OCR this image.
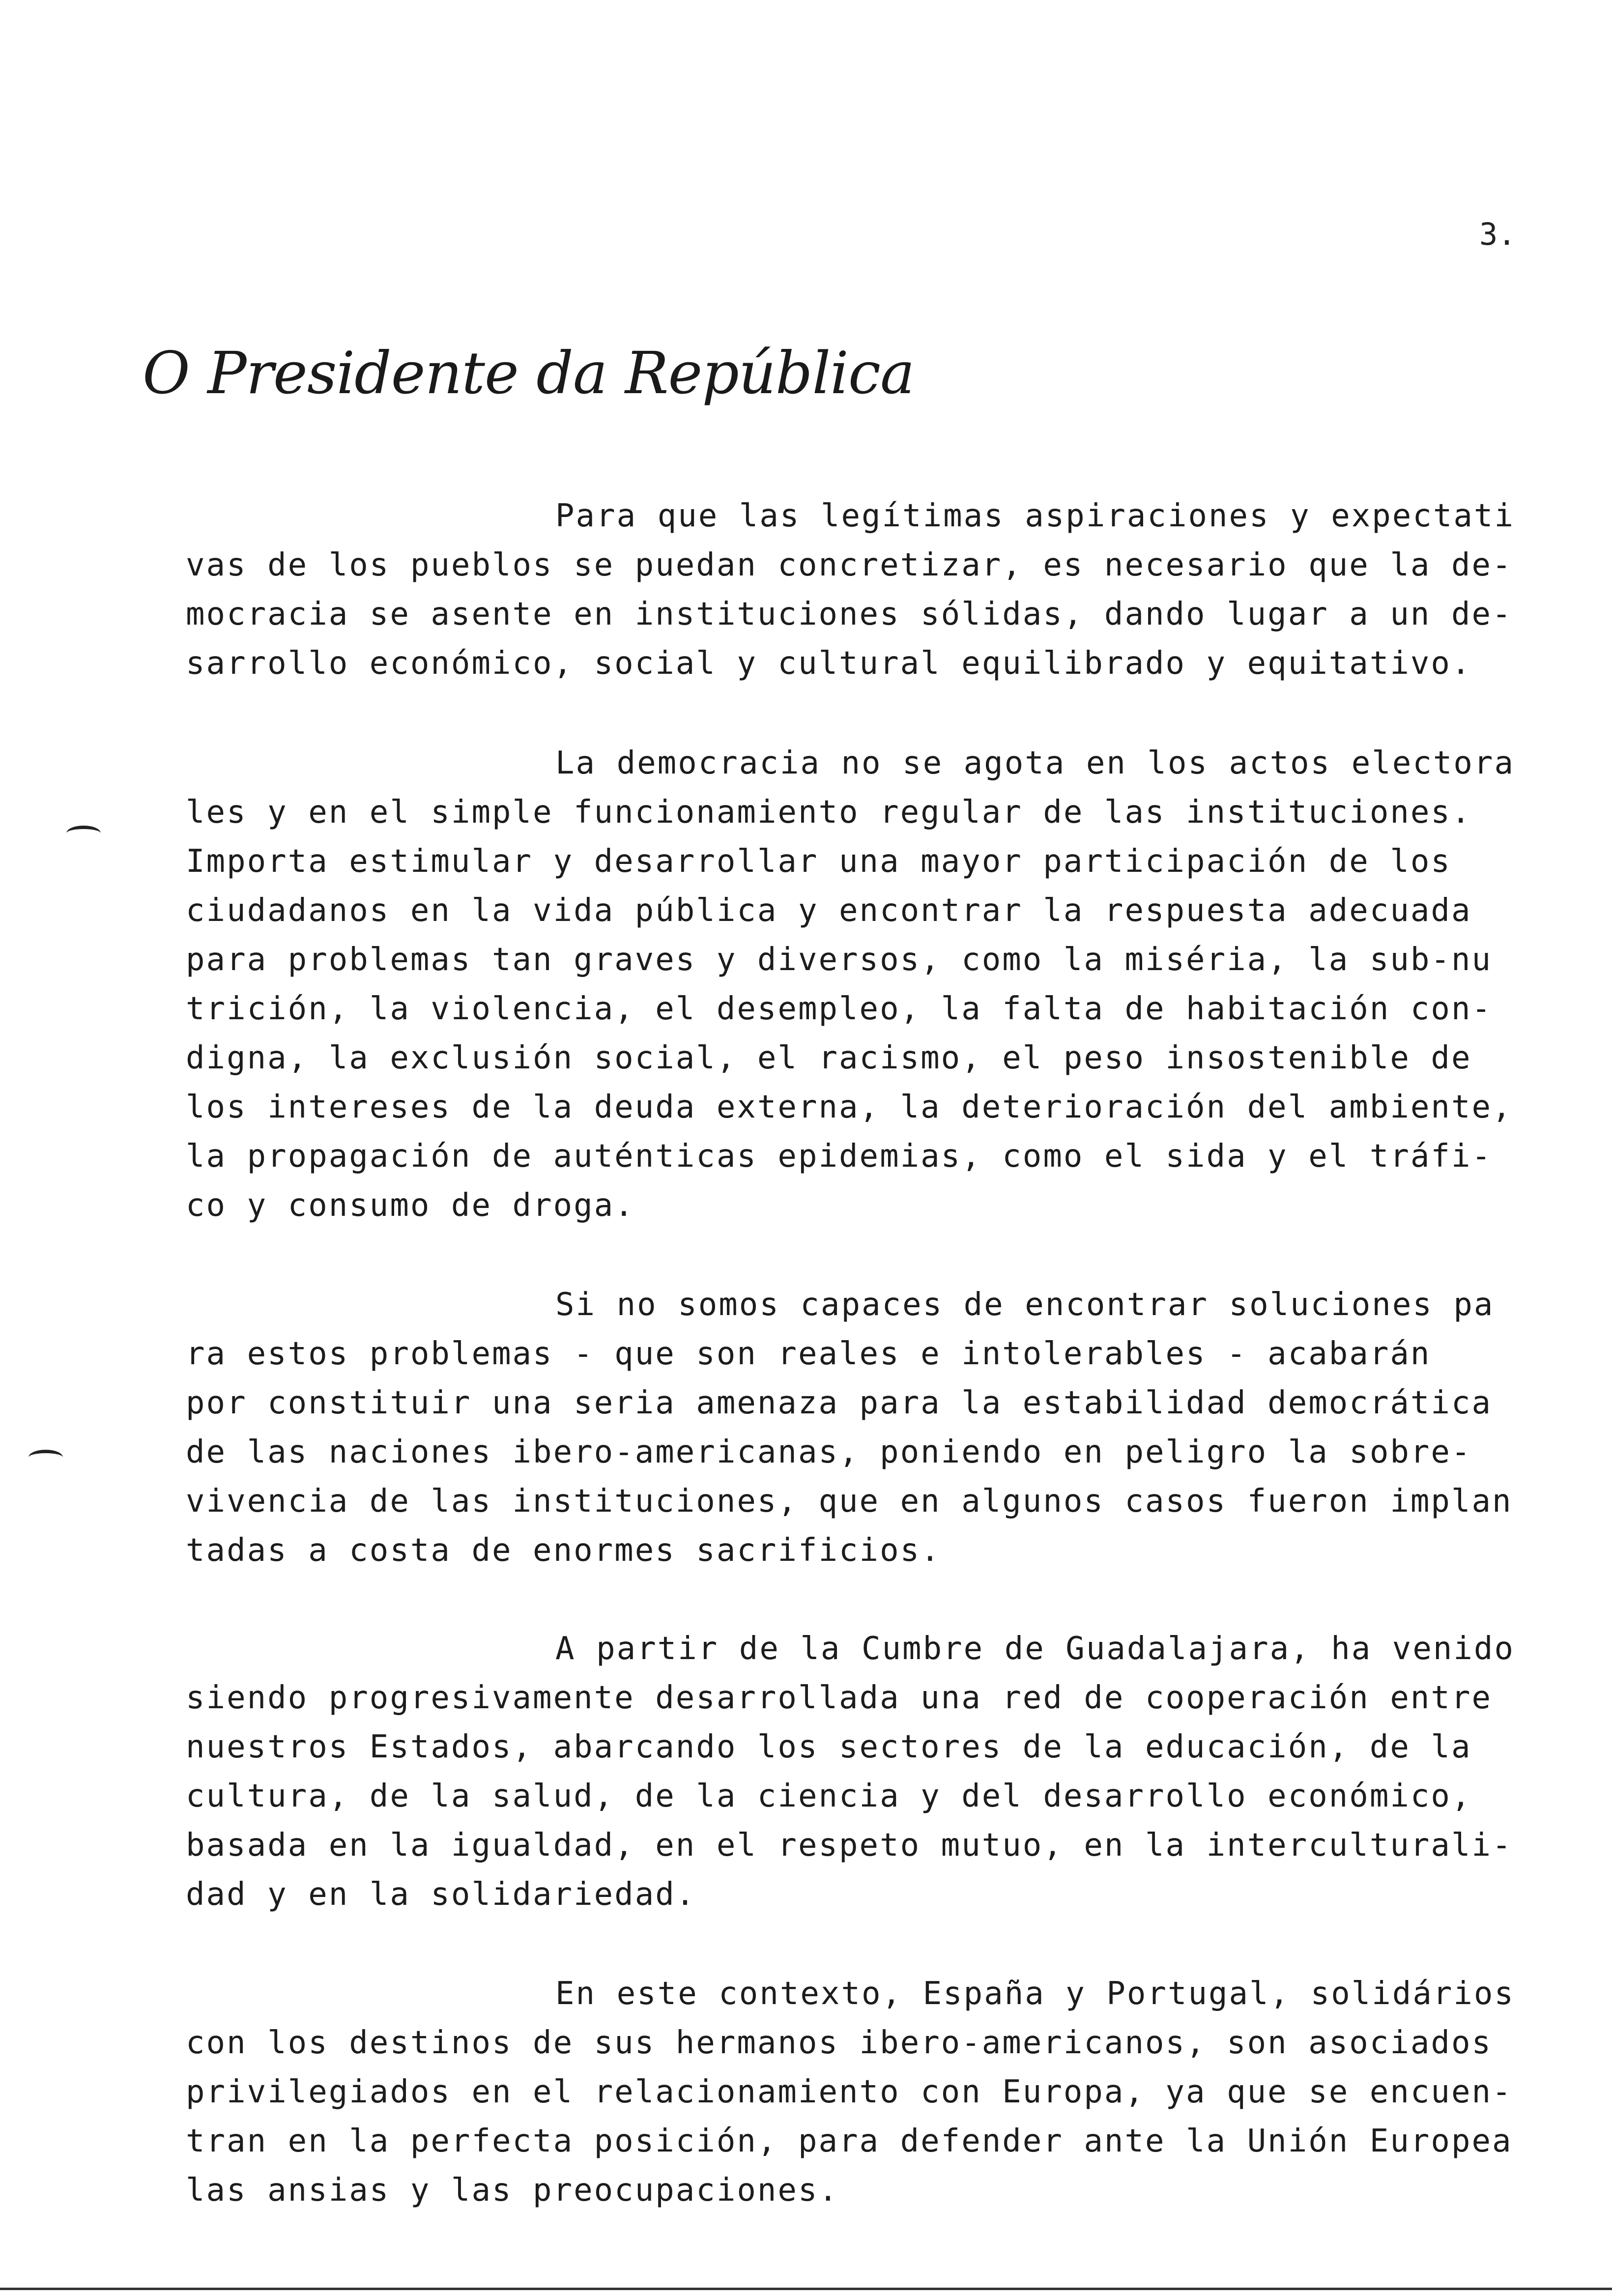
3.
O Presidente da República
Para que las legítimas aspiraciones y expectati
vas de los pueblos se puedan concretizar, es necesario que la de-
mocracia se asente en instituciones sólidas, dando lugar a un de-
sarrollo económico, social y cultural equilibrado y equitativo.
La democracia no se agota en los actos electora
les y en el simple funcionamiento regular de las instituciones.
Importa estimular y desarrollar una mayor participación de los
ciudadanos en la vida pública y encontrar la respuesta adecuada
para problemas tan graves y diversos, como la miséria, la sub-nu
trición, la violencia, el desempleo, la falta de habitación con-
digna, la exclusión social, el racismo, el peso insostenible de
los intereses de la deuda externa, la deterioración del ambiente,
la propagación de auténticas epidemias, como el sida y el tráfi-
co y consumo de droga.
Si no somos capaces de encontrar soluciones pa
ra estos problemas - que son reales e intolerables - acabarán
por constituir una seria amenaza para la estabilidad democrática
de las naciones ibero-americanas, poniendo en peligro la sobre-
vivencia de las instituciones, que en algunos casos fueron implan
tadas a costa de enormes sacrificios.
A partir de la Cumbre de Guadalajara, ha venido
siendo progresivamente desarrollada una red de cooperación entre
nuestros Estados, abarcando los sectores de la educación, de la
cultura, de la salud, de la ciencia y del desarrollo económico,
basada en la igualdad, en el respeto mutuo, en la interculturali-
dad y en la solidariedad.
En este contexto, España y Portugal, solidários
con los destinos de sus hermanos ibero-americanos, son asociados
privilegiados en el relacionamiento con Europa, ya que se encuen-
tran en la perfecta posición, para defender ante la Unión Europea
las ansias y las preocupaciones.
